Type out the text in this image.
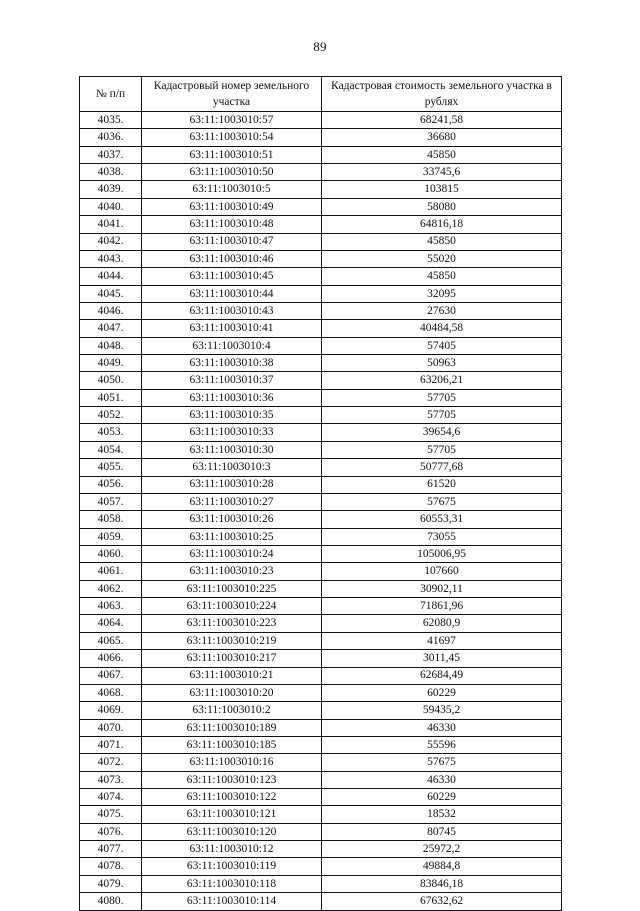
89
№ п/п	Кадастровый номер земельного участка	Кадастровая стоимость земельного участка в рублях
4035.	63:11:1003010:57	68241,58
4036.	63:11:1003010:54	36680
4037.	63:11:1003010:51	45850
4038.	63:11:1003010:50	33745,6
4039.	63:11:1003010:5	103815
4040.	63:11:1003010:49	58080
4041.	63:11:1003010:48	64816,18
4042.	63:11:1003010:47	45850
4043.	63:11:1003010:46	55020
4044.	63:11:1003010:45	45850
4045.	63:11:1003010:44	32095
4046.	63:11:1003010:43	27630
4047.	63:11:1003010:41	40484,58
4048.	63:11:1003010:4	57405
4049.	63:11:1003010:38	50963
4050.	63:11:1003010:37	63206,21
4051.	63:11:1003010:36	57705
4052.	63:11:1003010:35	57705
4053.	63:11:1003010:33	39654,6
4054.	63:11:1003010:30	57705
4055.	63:11:1003010:3	50777,68
4056.	63:11:1003010:28	61520
4057.	63:11:1003010:27	57675
4058.	63:11:1003010:26	60553,31
4059.	63:11:1003010:25	73055
4060.	63:11:1003010:24	105006,95
4061.	63:11:1003010:23	107660
4062.	63:11:1003010:225	30902,11
4063.	63:11:1003010:224	71861,96
4064.	63:11:1003010:223	62080,9
4065.	63:11:1003010:219	41697
4066.	63:11:1003010:217	3011,45
4067.	63:11:1003010:21	62684,49
4068.	63:11:1003010:20	60229
4069.	63:11:1003010:2	59435,2
4070.	63:11:1003010:189	46330
4071.	63:11:1003010:185	55596
4072.	63:11:1003010:16	57675
4073.	63:11:1003010:123	46330
4074.	63:11:1003010:122	60229
4075.	63:11:1003010:121	18532
4076.	63:11:1003010:120	80745
4077.	63:11:1003010:12	25972,2
4078.	63:11:1003010:119	49884,8
4079.	63:11:1003010:118	83846,18
4080.	63:11:1003010:114	67632,62
